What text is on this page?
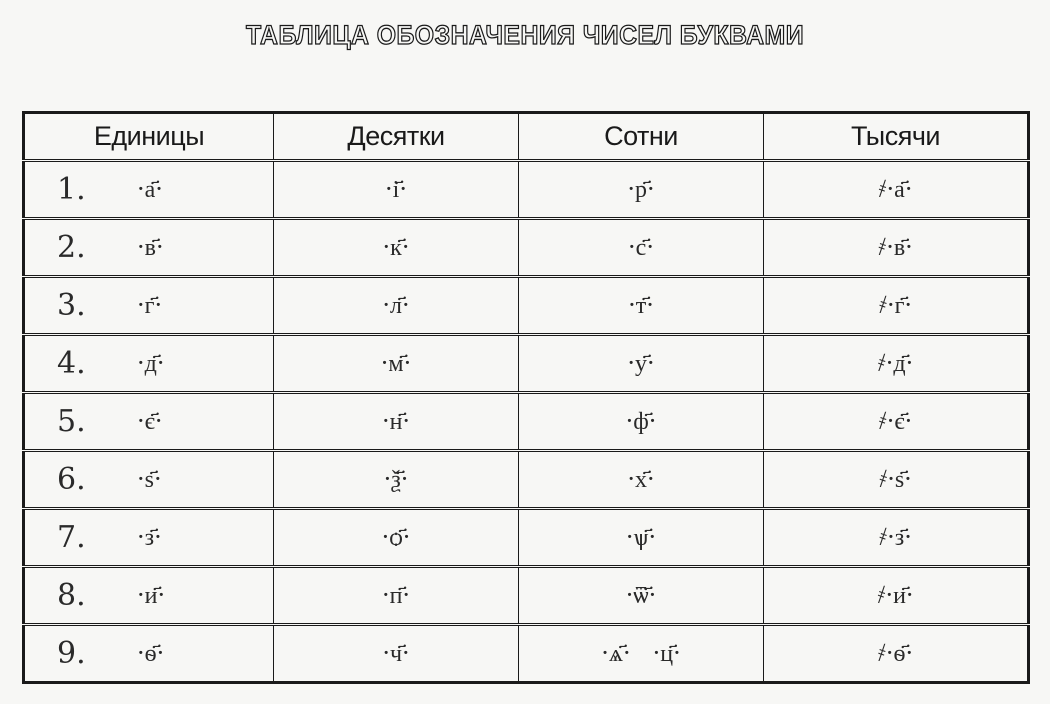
ТАБЛИЦА ОБОЗНАЧЕНИЯ ЧИСЕЛ БУКВАМИ
Единицы	Десятки	Сотни	Тысячи

1. ·а҃·	·і҃·	·р҃·	҂·а҃·

2. ·в҃·	·к҃·	·с҃·	҂·в҃·

3. ·г҃·	·л҃·	·т҃·	҂·г҃·

4. ·д҃·	·м҃·	·у҃·	҂·д҃·

5. ·є҃·	·н҃·	·ф҃·	҂·є҃·

6. ·ѕ҃·	·ѯ҃·	·х҃·	҂·ѕ҃·

7. ·з҃·	·ѻ҃·	·ѱ҃·	҂·з҃·

8. ·и҃·	·п҃·	·ѿ҃·	҂·и҃·

9. ·ѳ҃·	·ч҃·	·ѧ҃· ·ц҃·	҂·ѳ҃·
